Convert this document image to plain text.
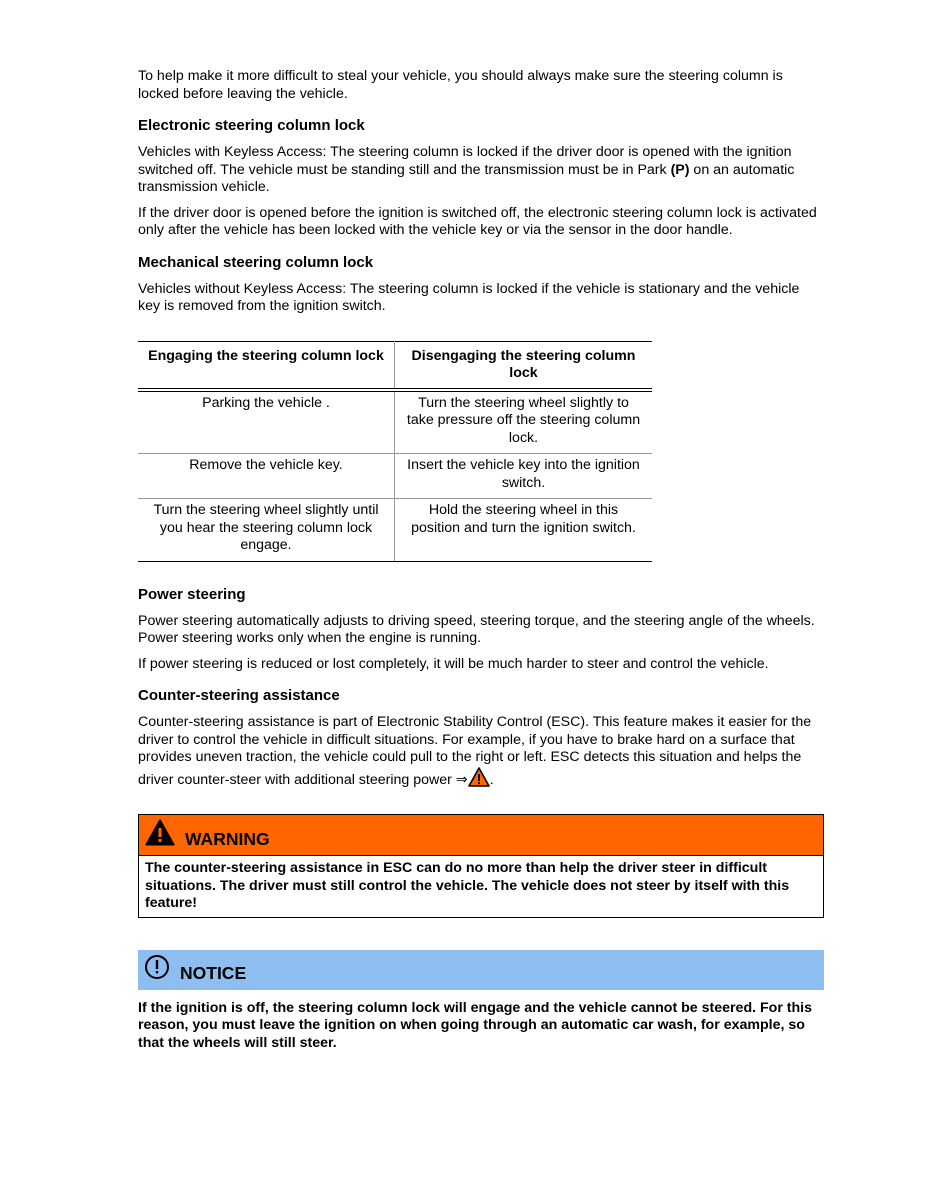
To help make it more difficult to steal your vehicle, you should always make sure the steering column is locked before leaving the vehicle.

Electronic steering column lock

Vehicles with Keyless Access: The steering column is locked if the driver door is opened with the ignition switched off. The vehicle must be standing still and the transmission must be in Park (P) on an automatic transmission vehicle.

If the driver door is opened before the ignition is switched off, the electronic steering column lock is activated only after the vehicle has been locked with the vehicle key or via the sensor in the door handle.

Mechanical steering column lock

Vehicles without Keyless Access: The steering column is locked if the vehicle is stationary and the vehicle key is removed from the ignition switch.

Engaging the steering column lock	Disengaging the steering column lock
Parking the vehicle .	Turn the steering wheel slightly to take pressure off the steering column lock.
Remove the vehicle key.	Insert the vehicle key into the ignition switch.
Turn the steering wheel slightly until you hear the steering column lock engage.	Hold the steering wheel in this position and turn the ignition switch.
Power steering

Power steering automatically adjusts to driving speed, steering torque, and the steering angle of the wheels. Power steering works only when the engine is running.

If power steering is reduced or lost completely, it will be much harder to steer and control the vehicle.

Counter-steering assistance

Counter-steering assistance is part of Electronic Stability Control (ESC). This feature makes it easier for the driver to control the vehicle in difficult situations. For example, if you have to brake hard on a surface that provides uneven traction, the vehicle could pull to the right or left. ESC detects this situation and helps the driver counter-steer with additional steering power ⇒ .

WARNING
The counter-steering assistance in ESC can do no more than help the driver steer in difficult situations. The driver must still control the vehicle. The vehicle does not steer by itself with this feature!
NOTICE
If the ignition is off, the steering column lock will engage and the vehicle cannot be steered. For this reason, you must leave the ignition on when going through an automatic car wash, for example, so that the wheels will still steer.
